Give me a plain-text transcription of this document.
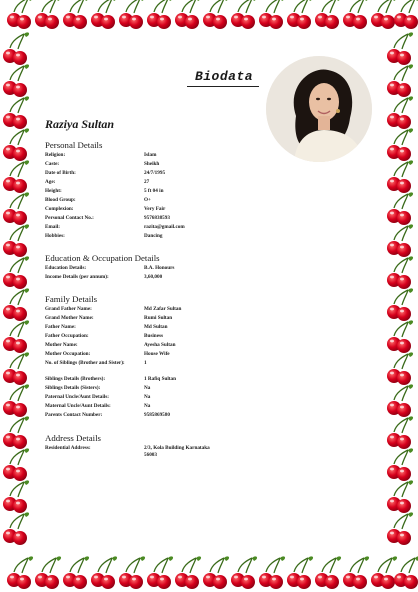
Biodata
Raziya Sultan
Personal Details
Religion:	Islam
Caste:	Sheikh
Date of Birth:	24/7/1995
Age:	27
Height:	5 ft 04 in
Blood Group:	O+
Complexion:	Very Fair
Personal Contact No.:	9576838593
Email:	razita@gmail.com
Hobbies:	Dancing
Education & Occupation Details
Education Details:	B.A. Honours
Income Details (per annum):	3,60,000
Family Details
Grand Father Name:	Md Zafar Sultan
Grand Mother Name:	Rumi Sultan
Father Name:	Md Sultan
Father Occupation:	Business
Mother Name:	Ayesha Sultan
Mother Occupation:	House Wife
No. of Siblings (Brother and Sister):	1
Siblings Details (Brothers):	1 Rafiq Sultan
Siblings Details (Sisters):	Na
Paternal Uncle/Aunt Details:	Na
Maternal Uncle/Aunt Details:	Na
Parents Contact Number:	9585869580
Address Details
Residential Address:	2/3, Kola Building Karnataka 56003
